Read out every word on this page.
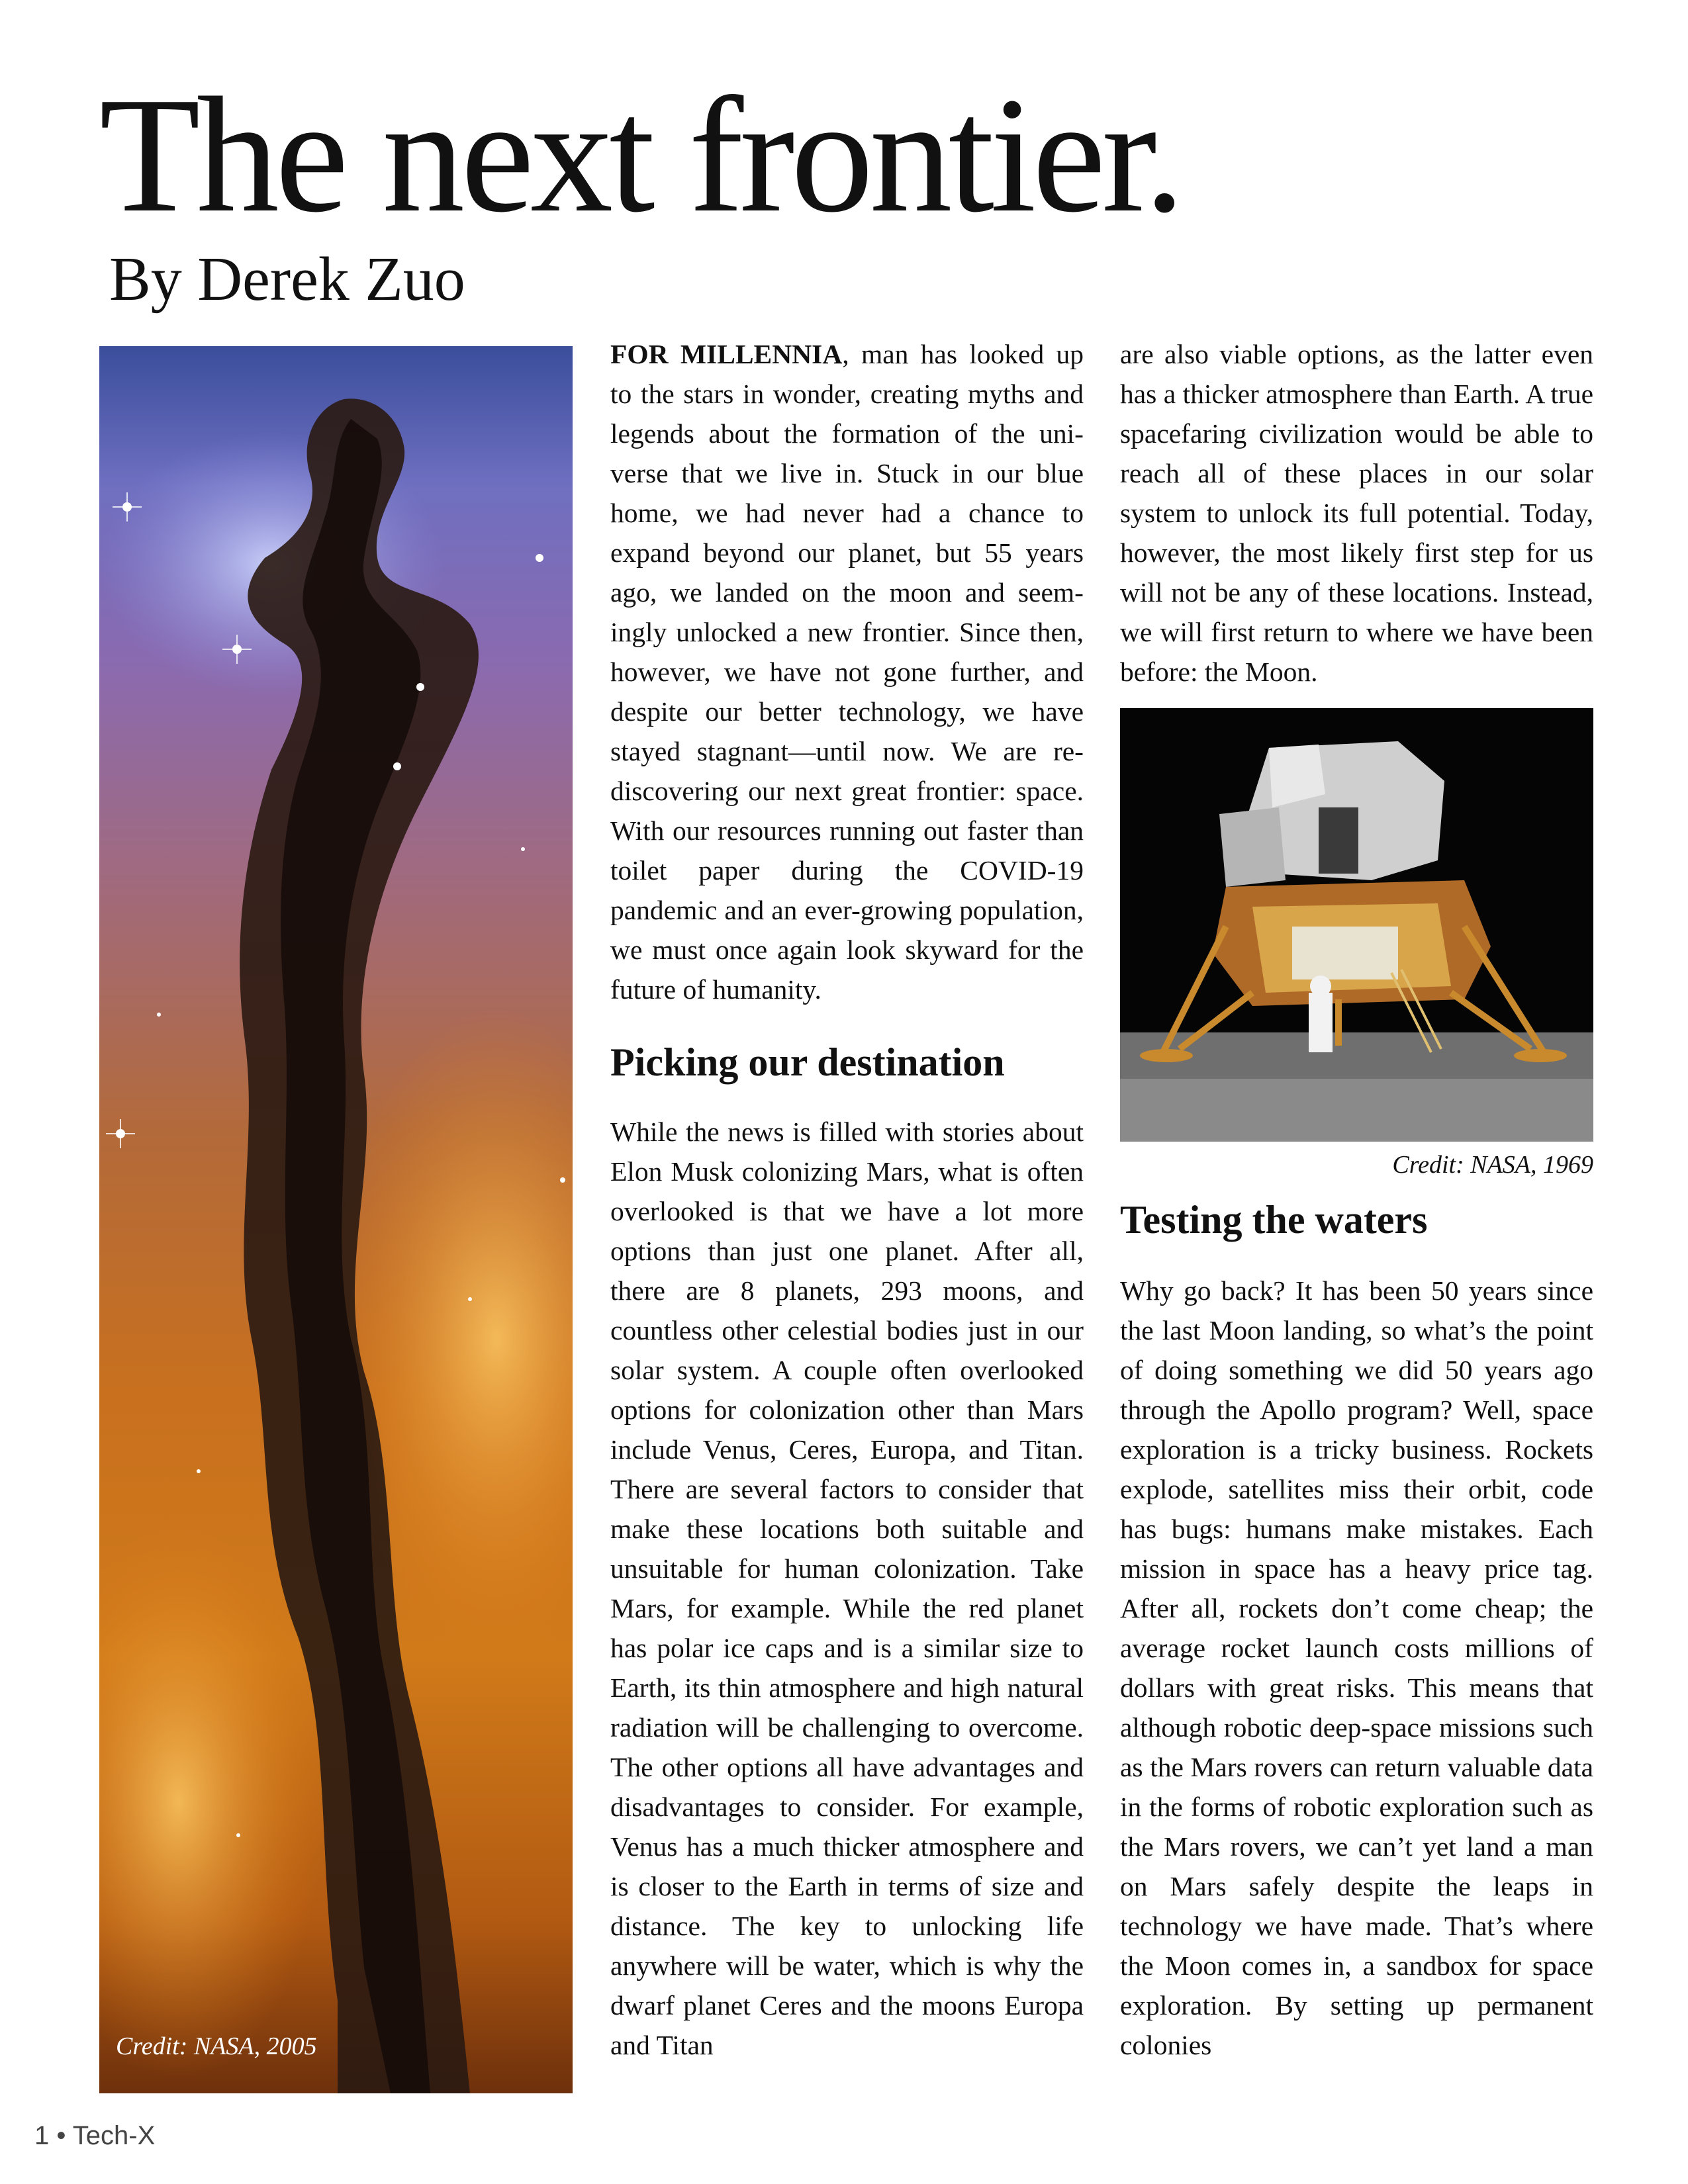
The next frontier.
By Derek Zuo
Credit: NASA, 2005

FOR MILLENNIA, man has looked up to the stars in wonder, creating myths and legends about the formation of the universe that we live in. Stuck in our blue home, we had never had a chance to expand beyond our planet, but 55 years ago, we landed on the moon and seemingly unlocked a new frontier. Since then, however, we have not gone further, and despite our better technology, we have stayed stagnant—until now. We are re-discovering our next great frontier: space. With our resources running out faster than toilet paper during the COVID-19 pandemic and an ever-growing population, we must once again look skyward for the future of humanity.

Picking our destination

While the news is filled with stories about Elon Musk colonizing Mars, what is often overlooked is that we have a lot more options than just one planet. After all, there are 8 planets, 293 moons, and countless other celestial bodies just in our solar system. A couple often overlooked options for colonization other than Mars include Venus, Ceres, Europa, and Titan. There are several factors to consider that make these locations both suitable and unsuitable for human colonization. Take Mars, for example. While the red planet has polar ice caps and is a similar size to Earth, its thin atmosphere and high natural radiation will be challenging to overcome. The other options all have advantages and disadvantages to consider. For example, Venus has a much thicker atmosphere and is closer to the Earth in terms of size and distance. The key to unlocking life anywhere will be water, which is why the dwarf planet Ceres and the moons Europa and Titan

are also viable options, as the latter even has a thicker atmosphere than Earth. A true spacefaring civilization would be able to reach all of these places in our solar system to unlock its full potential. Today, however, the most likely first step for us will not be any of these locations. Instead, we will first return to where we have been before: the Moon.

Credit: NASA, 1969
Testing the waters

Why go back? It has been 50 years since the last Moon landing, so what’s the point of doing something we did 50 years ago through the Apollo program? Well, space exploration is a tricky business. Rockets explode, satellites miss their orbit, code has bugs: humans make mistakes. Each mission in space has a heavy price tag. After all, rockets don’t come cheap; the average rocket launch costs millions of dollars with great risks. This means that although robotic deep-space missions such as the Mars rovers can return valuable data in the forms of robotic exploration such as the Mars rovers, we can’t yet land a man on Mars safely despite the leaps in technology we have made. That’s where the Moon comes in, a sandbox for space exploration. By setting up permanent colonies

1 • Tech-X
